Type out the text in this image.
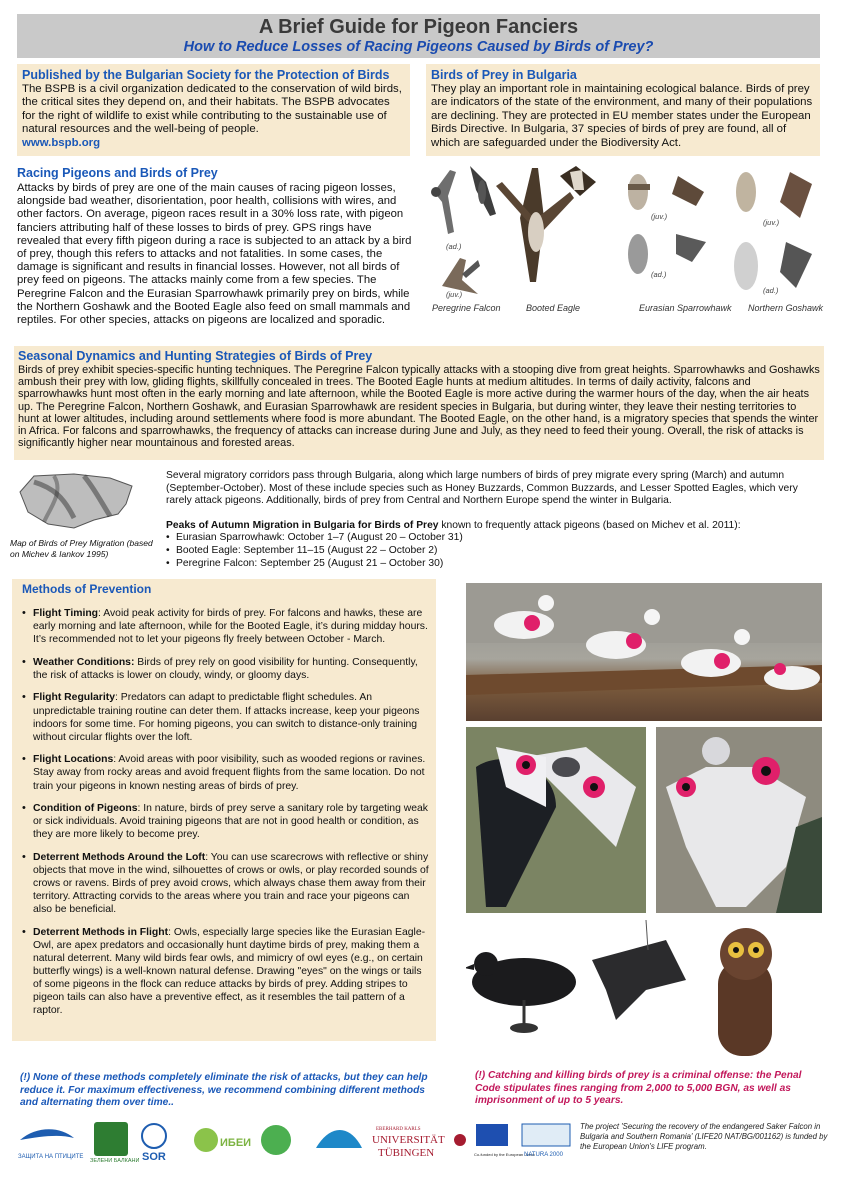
A Brief Guide for Pigeon Fanciers
How to Reduce Losses of Racing Pigeons Caused by Birds of Prey?
Published by the Bulgarian Society for the Protection of Birds
The BSPB is a civil organization dedicated to the conservation of wild birds, the critical sites they depend on, and their habitats. The BSPB advocates for the right of wildlife to exist while contributing to the sustainable use of natural resources and the well-being of people.
www.bspb.org
Birds of Prey in Bulgaria
They play an important role in maintaining ecological balance. Birds of prey are indicators of the state of the environment, and many of their populations are declining. They are protected in EU member states under the European Birds Directive. In Bulgaria, 37 species of birds of prey are found, all of which are safeguarded under the Biodiversity Act.
Racing Pigeons and Birds of Prey
Attacks by birds of prey are one of the main causes of racing pigeon losses, alongside bad weather, disorientation, poor health, collisions with wires, and other factors. On average, pigeon races result in a 30% loss rate, with pigeon fanciers attributing half of these losses to birds of prey. GPS rings have revealed that every fifth pigeon during a race is subjected to an attack by a bird of prey, though this refers to attacks and not fatalities. In some cases, the damage is significant and results in financial losses. However, not all birds of prey feed on pigeons. The attacks mainly come from a few species. The Peregrine Falcon and the Eurasian Sparrowhawk primarily prey on birds, while the Northern Goshawk and the Booted Eagle also feed on small mammals and reptiles. For other species, attacks on pigeons are localized and sporadic.
(ad.)
(juv.)
(juv.)
(ad.)
(juv.)
(ad.)
Peregrine Falcon	Booted Eagle	Eurasian Sparrowhawk Northern Goshawk
Seasonal Dynamics and Hunting Strategies of Birds of Prey
Birds of prey exhibit species-specific hunting techniques. The Peregrine Falcon typically attacks with a stooping dive from great heights. Sparrowhawks and Goshawks ambush their prey with low, gliding flights, skillfully concealed in trees. The Booted Eagle hunts at medium altitudes. In terms of daily activity, falcons and sparrowhawks hunt most often in the early morning and late afternoon, while the Booted Eagle is more active during the warmer hours of the day, when the air heats up. The Peregrine Falcon, Northern Goshawk, and Eurasian Sparrowhawk are resident species in Bulgaria, but during winter, they leave their nesting territories to hunt at lower altitudes, including around settlements where food is more abundant. The Booted Eagle, on the other hand, is a migratory species that spends the winter in Africa. For falcons and sparrowhawks, the frequency of attacks can increase during June and July, as they need to feed their young. Overall, the risk of attacks is significantly higher near mountainous and forested areas.
Map of Birds of Prey Migration (based on Michev & Iankov 1995)
Several migratory corridors pass through Bulgaria, along which large numbers of birds of prey migrate every spring (March) and autumn (September-October). Most of these include species such as Honey Buzzards, Common Buzzards, and Lesser Spotted Eagles, which very rarely attack pigeons. Additionally, birds of prey from Central and Northern Europe spend the winter in Bulgaria.
Peaks of Autumn Migration in Bulgaria for Birds of Prey known to frequently attack pigeons (based on Michev et al. 2011):
• Eurasian Sparrowhawk: October 1–7 (August 20 – October 31)
• Booted Eagle: September 11–15 (August 22 – October 2)
• Peregrine Falcon: September 25 (August 21 – October 30)
Methods of Prevention
• Flight Timing: Avoid peak activity for birds of prey. For falcons and hawks, these are early morning and late afternoon, while for the Booted Eagle, it’s during midday hours. It’s recommended not to let your pigeons fly freely between October - March.
• Weather Conditions: Birds of prey rely on good visibility for hunting. Consequently, the risk of attacks is lower on cloudy, windy, or gloomy days.
• Flight Regularity: Predators can adapt to predictable flight schedules. An unpredictable training routine can deter them. If attacks increase, keep your pigeons indoors for some time. For homing pigeons, you can switch to distance-only training without circular flights over the loft.
• Flight Locations: Avoid areas with poor visibility, such as wooded regions or ravines. Stay away from rocky areas and avoid frequent flights from the same location. Do not train your pigeons in known nesting areas of birds of prey.
• Condition of Pigeons: In nature, birds of prey serve a sanitary role by targeting weak or sick individuals. Avoid training pigeons that are not in good health or condition, as they are more likely to become prey.
• Deterrent Methods Around the Loft: You can use scarecrows with reflective or shiny objects that move in the wind, silhouettes of crows or owls, or play recorded sounds of crows or ravens. Birds of prey avoid crows, which always chase them away from their territory. Attracting corvids to the areas where you train and race your pigeons can also be beneficial.
• Deterrent Methods in Flight: Owls, especially large species like the Eurasian Eagle-Owl, are apex predators and occasionally hunt daytime birds of prey, making them a natural deterrent. Many wild birds fear owls, and mimicry of owl eyes (e.g., on certain butterfly wings) is a well-known natural defense. Drawing "eyes" on the wings or tails of some pigeons in the flock can reduce attacks by birds of prey. Adding stripes to pigeon tails can also have a preventive effect, as it resembles the tail pattern of a raptor.
(!) None of these methods completely eliminate the risk of attacks, but they can help reduce it. For maximum effectiveness, we recommend combining different methods and alternating them over time..
(!) Catching and killing birds of prey is a criminal offense: the Penal Code stipulates fines ranging from 2,000 to 5,000 BGN, as well as imprisonment of up to 5 years.
ЗАЩИТА НА ПТИЦИТЕ
ЗЕЛЕНИ БАЛКАНИ SOR
ИБЕИ
EBERHARD KARLS
UNIVERSITÄT
TÜBINGEN	Co-funded by the European Union
NATURA 2000
The project 'Securing the recovery of the endangered Saker Falcon in Bulgaria and Southern Romania' (LIFE20 NAT/BG/001162) is funded by the European Union's LIFE program.
